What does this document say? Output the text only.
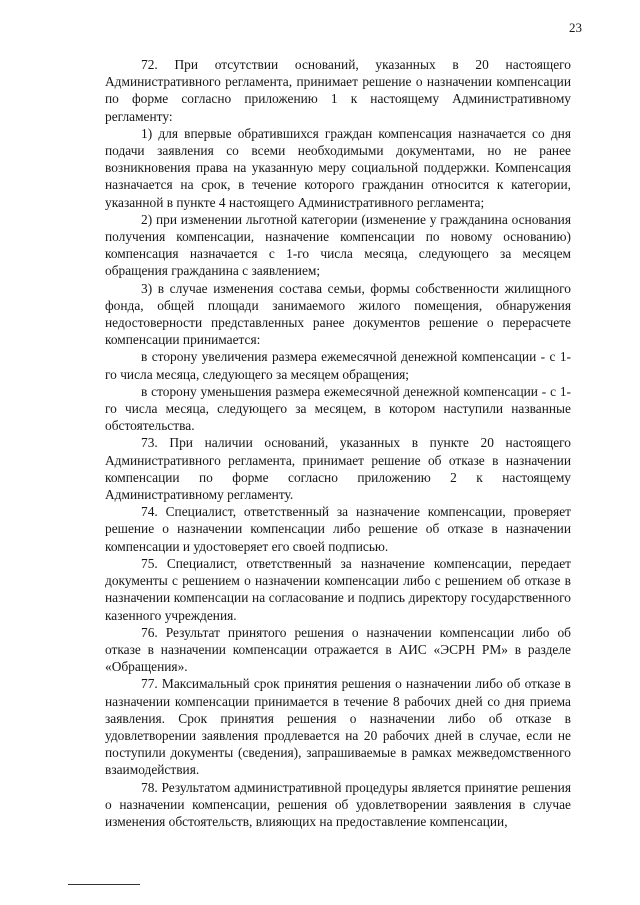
23

72. При отсутствии оснований, указанных в 20 настоящего Административного регламента, принимает решение о назначении компенсации по форме согласно приложению 1 к настоящему Административному регламенту:

1) для впервые обратившихся граждан компенсация назначается со дня подачи заявления со всеми необходимыми документами, но не ранее возникновения права на указанную меру социальной поддержки. Компенсация назначается на срок, в течение которого гражданин относится к категории, указанной в пункте 4 настоящего Административного регламента;

2) при изменении льготной категории (изменение у гражданина основания получения компенсации, назначение компенсации по новому основанию) компенсация назначается с 1-го числа месяца, следующего за месяцем обращения гражданина с заявлением;

3) в случае изменения состава семьи, формы собственности жилищного фонда, общей площади занимаемого жилого помещения, обнаружения недостоверности представленных ранее документов решение о перерасчете компенсации принимается:

в сторону увеличения размера ежемесячной денежной компенсации - с 1-го числа месяца, следующего за месяцем обращения;

в сторону уменьшения размера ежемесячной денежной компенсации - с 1-го числа месяца, следующего за месяцем, в котором наступили названные обстоятельства.

73. При наличии оснований, указанных в пункте 20 настоящего Административного регламента, принимает решение об отказе в назначении компенсации по форме согласно приложению 2 к настоящему Административному регламенту.

74. Специалист, ответственный за назначение компенсации, проверяет решение о назначении компенсации либо решение об отказе в назначении компенсации и удостоверяет его своей подписью.

75. Специалист, ответственный за назначение компенсации, передает документы с решением о назначении компенсации либо с решением об отказе в назначении компенсации на согласование и подпись директору государственного казенного учреждения.

76. Результат принятого решения о назначении компенсации либо об отказе в назначении компенсации отражается в АИС «ЭСРН РМ» в разделе «Обращения».

77. Максимальный срок принятия решения о назначении либо об отказе в назначении компенсации принимается в течение 8 рабочих дней со дня приема заявления. Срок принятия решения о назначении либо об отказе в удовлетворении заявления продлевается на 20 рабочих дней в случае, если не поступили документы (сведения), запрашиваемые в рамках межведомственного взаимодействия.

78. Результатом административной процедуры является принятие решения о назначении компенсации, решения об удовлетворении заявления в случае изменения обстоятельств, влияющих на предоставление компенсации,
